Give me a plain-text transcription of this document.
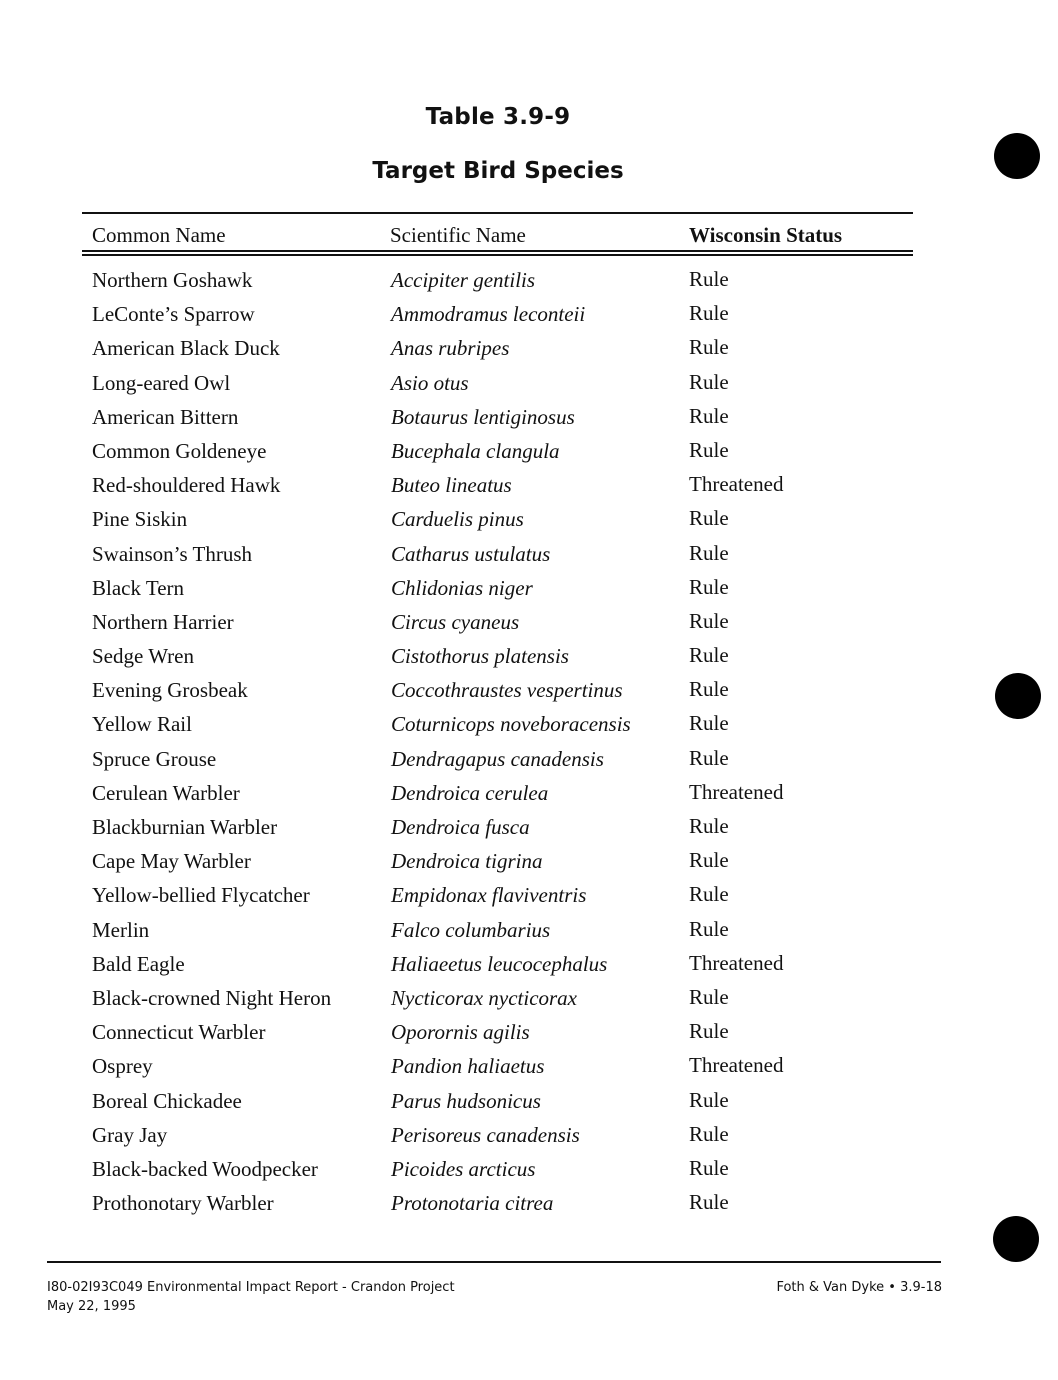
Table 3.9-9
Target Bird Species
Common Name	Scientific Name	Wisconsin Status
Northern Goshawk	Accipiter gentilis	Rule
LeConte’s Sparrow	Ammodramus leconteii	Rule
American Black Duck	Anas rubripes	Rule
Long-eared Owl	Asio otus	Rule
American Bittern	Botaurus lentiginosus	Rule
Common Goldeneye	Bucephala clangula	Rule
Red-shouldered Hawk	Buteo lineatus	Threatened
Pine Siskin	Carduelis pinus	Rule
Swainson’s Thrush	Catharus ustulatus	Rule
Black Tern	Chlidonias niger	Rule
Northern Harrier	Circus cyaneus	Rule
Sedge Wren	Cistothorus platensis	Rule
Evening Grosbeak	Coccothraustes vespertinus	Rule
Yellow Rail	Coturnicops noveboracensis	Rule
Spruce Grouse	Dendragapus canadensis	Rule
Cerulean Warbler	Dendroica cerulea	Threatened
Blackburnian Warbler	Dendroica fusca	Rule
Cape May Warbler	Dendroica tigrina	Rule
Yellow-bellied Flycatcher	Empidonax flaviventris	Rule
Merlin	Falco columbarius	Rule
Bald Eagle	Haliaeetus leucocephalus	Threatened
Black-crowned Night Heron	Nycticorax nycticorax	Rule
Connecticut Warbler	Oporornis agilis	Rule
Osprey	Pandion haliaetus	Threatened
Boreal Chickadee	Parus hudsonicus	Rule
Gray Jay	Perisoreus canadensis	Rule
Black-backed Woodpecker	Picoides arcticus	Rule
Prothonotary Warbler	Protonotaria citrea	Rule
I80-02I93C049 Environmental Impact Report - Crandon Project
May 22, 1995
Foth & Van Dyke • 3.9-18
